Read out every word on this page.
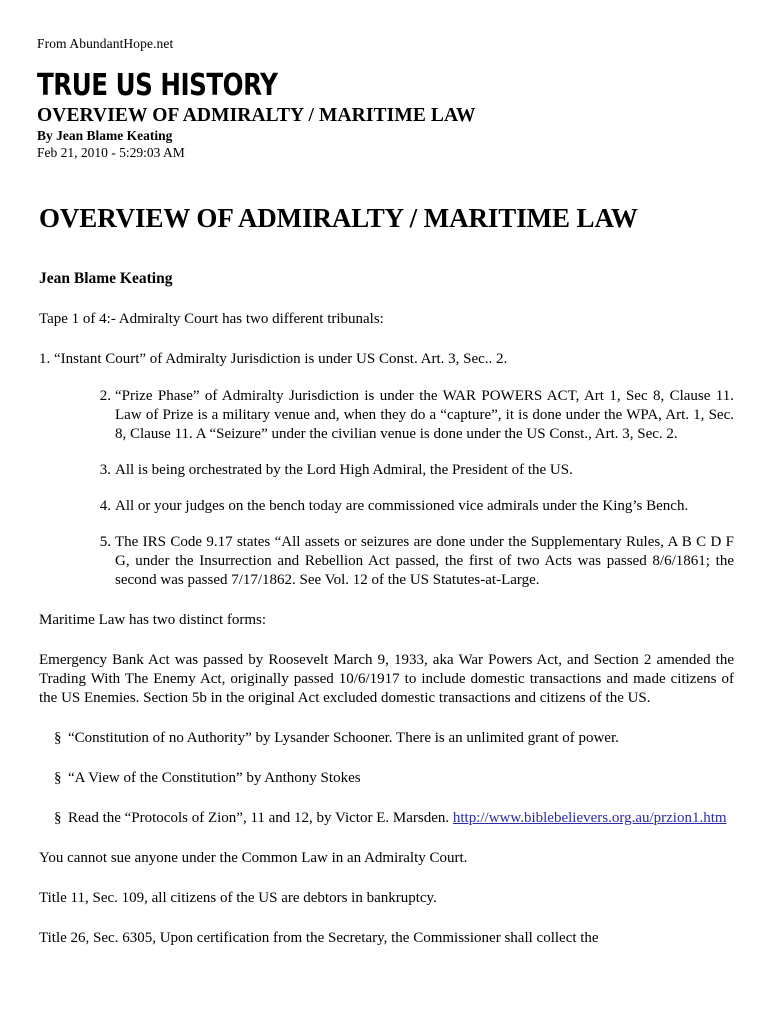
From AbundantHope.net
TRUE US HISTORY
OVERVIEW OF ADMIRALTY / MARITIME LAW
By Jean Blame Keating
Feb 21, 2010 - 5:29:03 AM
OVERVIEW OF ADMIRALTY / MARITIME LAW
Jean Blame Keating

Tape 1 of 4:- Admiralty Court has two different tribunals:

1. “Instant Court” of Admiralty Jurisdiction is under US Const. Art. 3, Sec.. 2.

2. “Prize Phase” of Admiralty Jurisdiction is under the WAR POWERS ACT, Art 1, Sec 8, Clause 11. Law of Prize is a military venue and, when they do a “capture”, it is done under the WPA, Art. 1, Sec. 8, Clause 11. A “Seizure” under the civilian venue is done under the US Const., Art. 3, Sec. 2.
3. All is being orchestrated by the Lord High Admiral, the President of the US.
4. All or your judges on the bench today are commissioned vice admirals under the King’s Bench.
5. The IRS Code 9.17 states “All assets or seizures are done under the Supplementary Rules, A B C D F G, under the Insurrection and Rebellion Act passed, the first of two Acts was passed 8/6/1861; the second was passed 7/17/1862. See Vol. 12 of the US Statutes-at-Large.

Maritime Law has two distinct forms:

Emergency Bank Act was passed by Roosevelt March 9, 1933, aka War Powers Act, and Section 2 amended the Trading With The Enemy Act, originally passed 10/6/1917 to include domestic transactions and made citizens of the US Enemies. Section 5b in the original Act excluded domestic transactions and citizens of the US.

§ “Constitution of no Authority” by Lysander Schooner. There is an unlimited grant of power.
§ “A View of the Constitution” by Anthony Stokes
§ Read the “Protocols of Zion”, 11 and 12, by Victor E. Marsden. http://www.biblebelievers.org.au/przion1.htm

You cannot sue anyone under the Common Law in an Admiralty Court.

Title 11, Sec. 109, all citizens of the US are debtors in bankruptcy.

Title 26, Sec. 6305, Upon certification from the Secretary, the Commissioner shall collect the
